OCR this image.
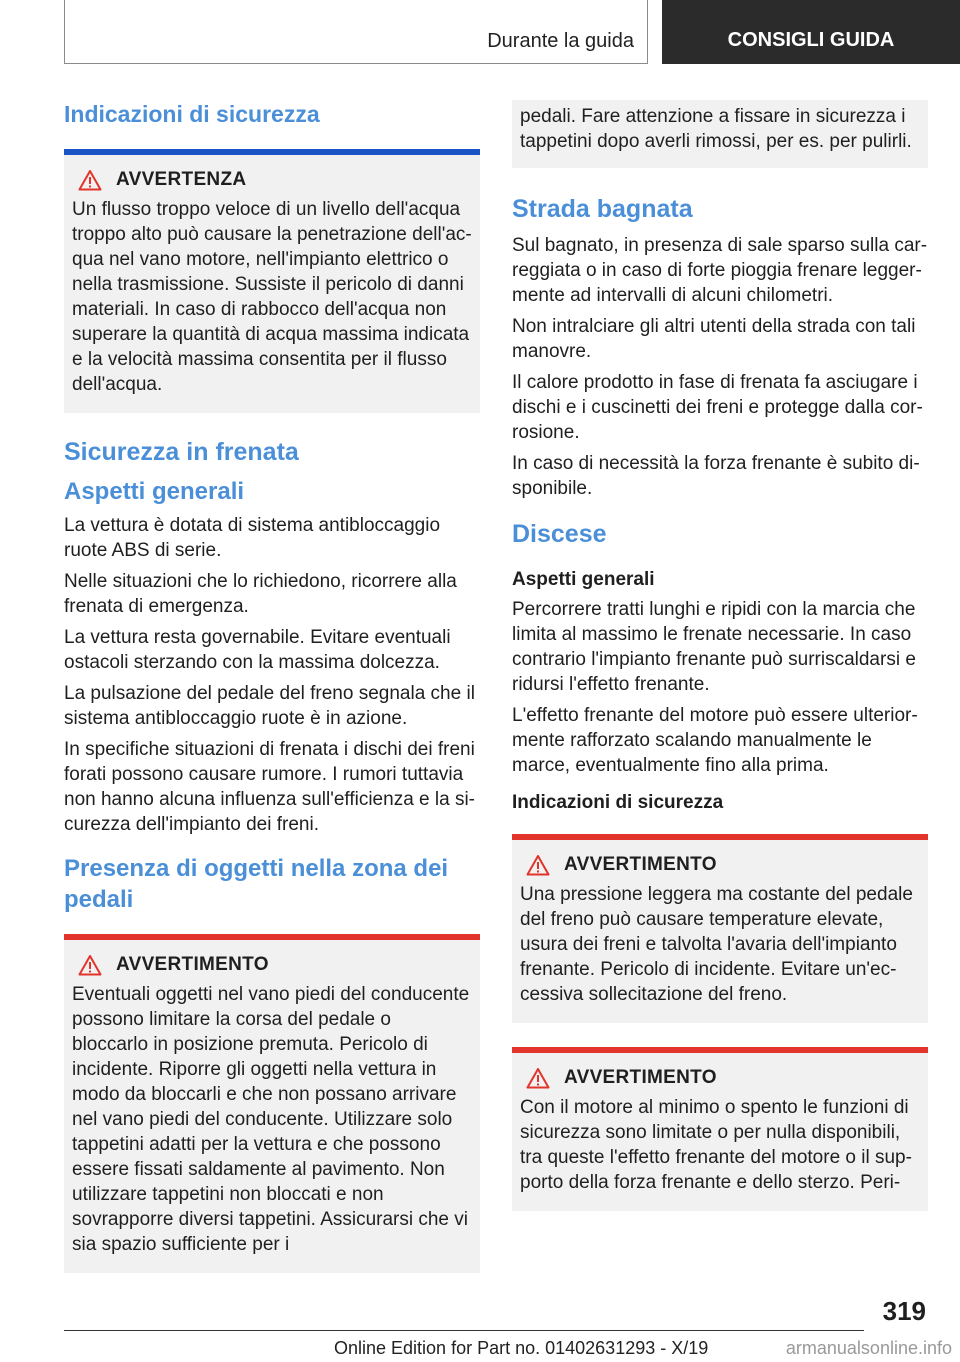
Durante la guida	CONSIGLI GUIDA
Indicazioni di sicurezza
AVVERTENZA

Un flusso troppo veloce di un livello dell'acqua troppo alto può causare la penetrazione dell'acqua nel vano motore, nell'impianto elettrico o nella trasmissione. Sussiste il pericolo di danni materiali. In caso di rabbocco dell'acqua non superare la quantità di acqua massima indicata e la velocità massima consentita per il flusso dell'acqua.

Sicurezza in frenata
Aspetti generali

La vettura è dotata di sistema antibloccaggio ruote ABS di serie.

Nelle situazioni che lo richiedono, ricorrere alla frenata di emergenza.

La vettura resta governabile. Evitare eventuali ostacoli sterzando con la massima dolcezza.

La pulsazione del pedale del freno segnala che il sistema antibloccaggio ruote è in azione.

In specifiche situazioni di frenata i dischi dei freni forati possono causare rumore. I rumori tuttavia non hanno alcuna influenza sull'efficienza e la sicurezza dell'impianto dei freni.

Presenza di oggetti nella zona dei pedali
AVVERTIMENTO

Eventuali oggetti nel vano piedi del conducente possono limitare la corsa del pedale o bloccarlo in posizione premuta. Pericolo di incidente. Riporre gli oggetti nella vettura in modo da bloccarli e che non possano arrivare nel vano piedi del conducente. Utilizzare solo tappetini adatti per la vettura e che possono essere fissati saldamente al pavimento. Non utilizzare tappetini non bloccati e non sovrapporre diversi tappetini. Assicurarsi che vi sia spazio sufficiente per i

pedali. Fare attenzione a fissare in sicurezza i tappetini dopo averli rimossi, per es. per pulirli.

Strada bagnata

Sul bagnato, in presenza di sale sparso sulla carreggiata o in caso di forte pioggia frenare leggermente ad intervalli di alcuni chilometri.

Non intralciare gli altri utenti della strada con tali manovre.

Il calore prodotto in fase di frenata fa asciugare i dischi e i cuscinetti dei freni e protegge dalla corrosione.

In caso di necessità la forza frenante è subito disponibile.

Discese
Aspetti generali

Percorrere tratti lunghi e ripidi con la marcia che limita al massimo le frenate necessarie. In caso contrario l'impianto frenante può surriscaldarsi e ridursi l'effetto frenante.

L'effetto frenante del motore può essere ulteriormente rafforzato scalando manualmente le marce, eventualmente fino alla prima.

Indicazioni di sicurezza
AVVERTIMENTO

Una pressione leggera ma costante del pedale del freno può causare temperature elevate, usura dei freni e talvolta l'avaria dell'impianto frenante. Pericolo di incidente. Evitare un'eccessiva sollecitazione del freno.

AVVERTIMENTO

Con il motore al minimo o spento le funzioni di sicurezza sono limitate o per nulla disponibili, tra queste l'effetto frenante del motore o il supporto della forza frenante e dello sterzo. Peri-

319
Online Edition for Part no. 01402631293 - X/19	armanualsonline.info
